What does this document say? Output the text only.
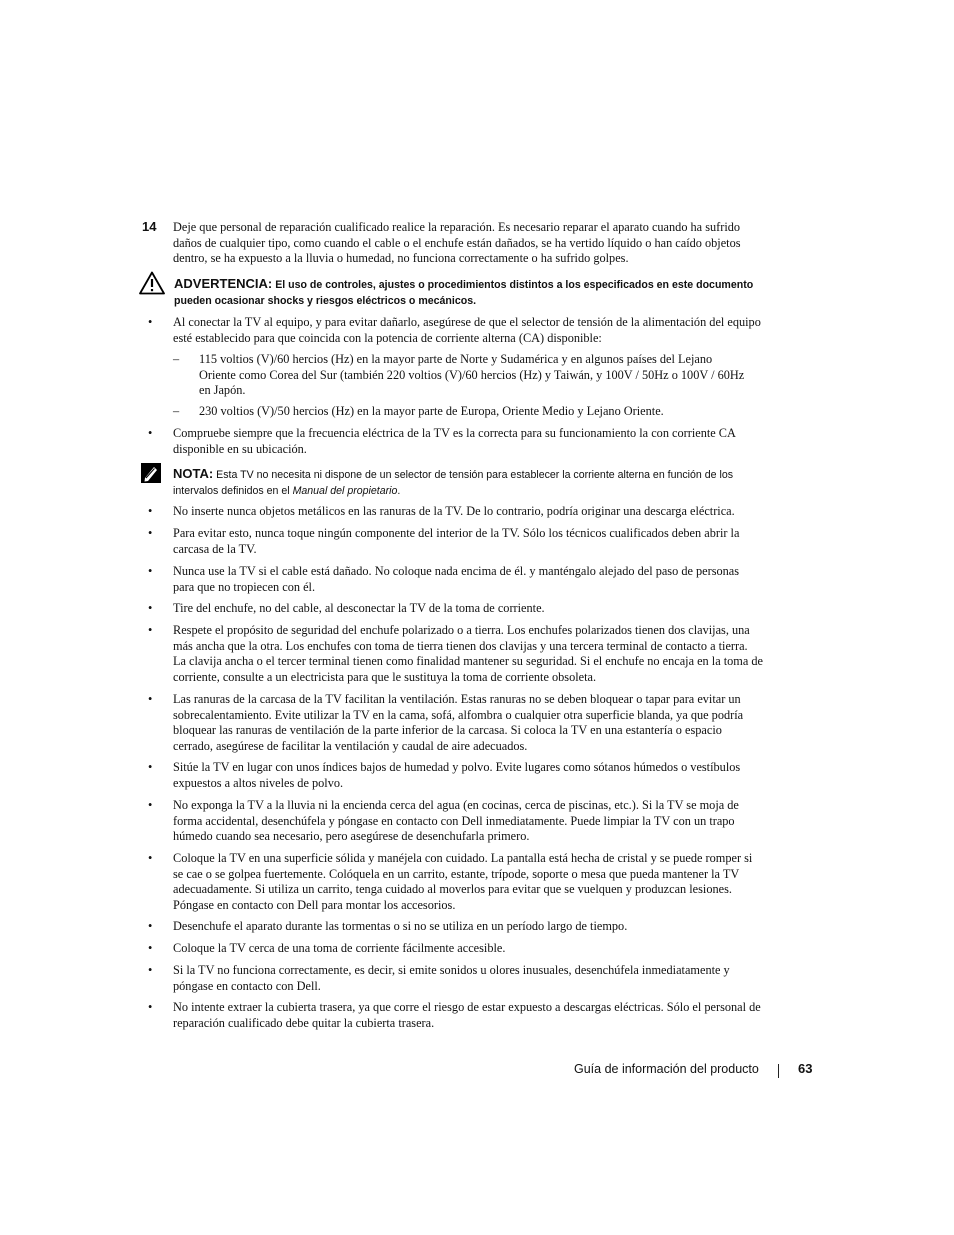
14 Deje que personal de reparación cualificado realice la reparación. Es necesario reparar el aparato cuando ha sufrido daños de cualquier tipo, como cuando el cable o el enchufe están dañados, se ha vertido líquido o han caído objetos dentro, se ha expuesto a la lluvia o humedad, no funciona correctamente o ha sufrido golpes.
ADVERTENCIA: El uso de controles, ajustes o procedimientos distintos a los especificados en este documento pueden ocasionar shocks y riesgos eléctricos o mecánicos.
•	Al conectar la TV al equipo, y para evitar dañarlo, asegúrese de que el selector de tensión de la alimentación del equipo esté establecido para que coincida con la potencia de corriente alterna (CA) disponible:
– 115 voltios (V)/60 hercios (Hz) en la mayor parte de Norte y Sudamérica y en algunos países del Lejano Oriente como Corea del Sur (también 220 voltios (V)/60 hercios (Hz) y Taiwán, y 100V / 50Hz o 100V / 60Hz en Japón.
– 230 voltios (V)/50 hercios (Hz) en la mayor parte de Europa, Oriente Medio y Lejano Oriente.
•	Compruebe siempre que la frecuencia eléctrica de la TV es la correcta para su funcionamiento la con corriente CA disponible en su ubicación.
NOTA: Esta TV no necesita ni dispone de un selector de tensión para establecer la corriente alterna en función de los intervalos definidos en el Manual del propietario.
•	No inserte nunca objetos metálicos en las ranuras de la TV. De lo contrario, podría originar una descarga eléctrica.
•	Para evitar esto, nunca toque ningún componente del interior de la TV. Sólo los técnicos cualificados deben abrir la carcasa de la TV.
•	Nunca use la TV si el cable está dañado. No coloque nada encima de él. y manténgalo alejado del paso de personas para que no tropiecen con él.
•	Tire del enchufe, no del cable, al desconectar la TV de la toma de corriente.
•	Respete el propósito de seguridad del enchufe polarizado o a tierra. Los enchufes polarizados tienen dos clavijas, una más ancha que la otra. Los enchufes con toma de tierra tienen dos clavijas y una tercera terminal de contacto a tierra. La clavija ancha o el tercer terminal tienen como finalidad mantener su seguridad. Si el enchufe no encaja en la toma de corriente, consulte a un electricista para que le sustituya la toma de corriente obsoleta.
•	Las ranuras de la carcasa de la TV facilitan la ventilación. Estas ranuras no se deben bloquear o tapar para evitar un sobrecalentamiento. Evite utilizar la TV en la cama, sofá, alfombra o cualquier otra superficie blanda, ya que podría bloquear las ranuras de ventilación de la parte inferior de la carcasa. Si coloca la TV en una estantería o espacio cerrado, asegúrese de facilitar la ventilación y caudal de aire adecuados.
•	Sitúe la TV en lugar con unos índices bajos de humedad y polvo. Evite lugares como sótanos húmedos o vestíbulos expuestos a altos niveles de polvo.
•	No exponga la TV a la lluvia ni la encienda cerca del agua (en cocinas, cerca de piscinas, etc.). Si la TV se moja de forma accidental, desenchúfela y póngase en contacto con Dell inmediatamente. Puede limpiar la TV con un trapo húmedo cuando sea necesario, pero asegúrese de desenchufarla primero.
•	Coloque la TV en una superficie sólida y manéjela con cuidado. La pantalla está hecha de cristal y se puede romper si se cae o se golpea fuertemente. Colóquela en un carrito, estante, trípode, soporte o mesa que pueda mantener la TV adecuadamente. Si utiliza un carrito, tenga cuidado al moverlos para evitar que se vuelquen y produzcan lesiones. Póngase en contacto con Dell para montar los accesorios.
•	Desenchufe el aparato durante las tormentas o si no se utiliza en un período largo de tiempo.
•	Coloque la TV cerca de una toma de corriente fácilmente accesible.
•	Si la TV no funciona correctamente, es decir, si emite sonidos u olores inusuales, desenchúfela inmediatamente y póngase en contacto con Dell.
•	No intente extraer la cubierta trasera, ya que corre el riesgo de estar expuesto a descargas eléctricas. Sólo el personal de reparación cualificado debe quitar la cubierta trasera.
Guía de información del producto	63
